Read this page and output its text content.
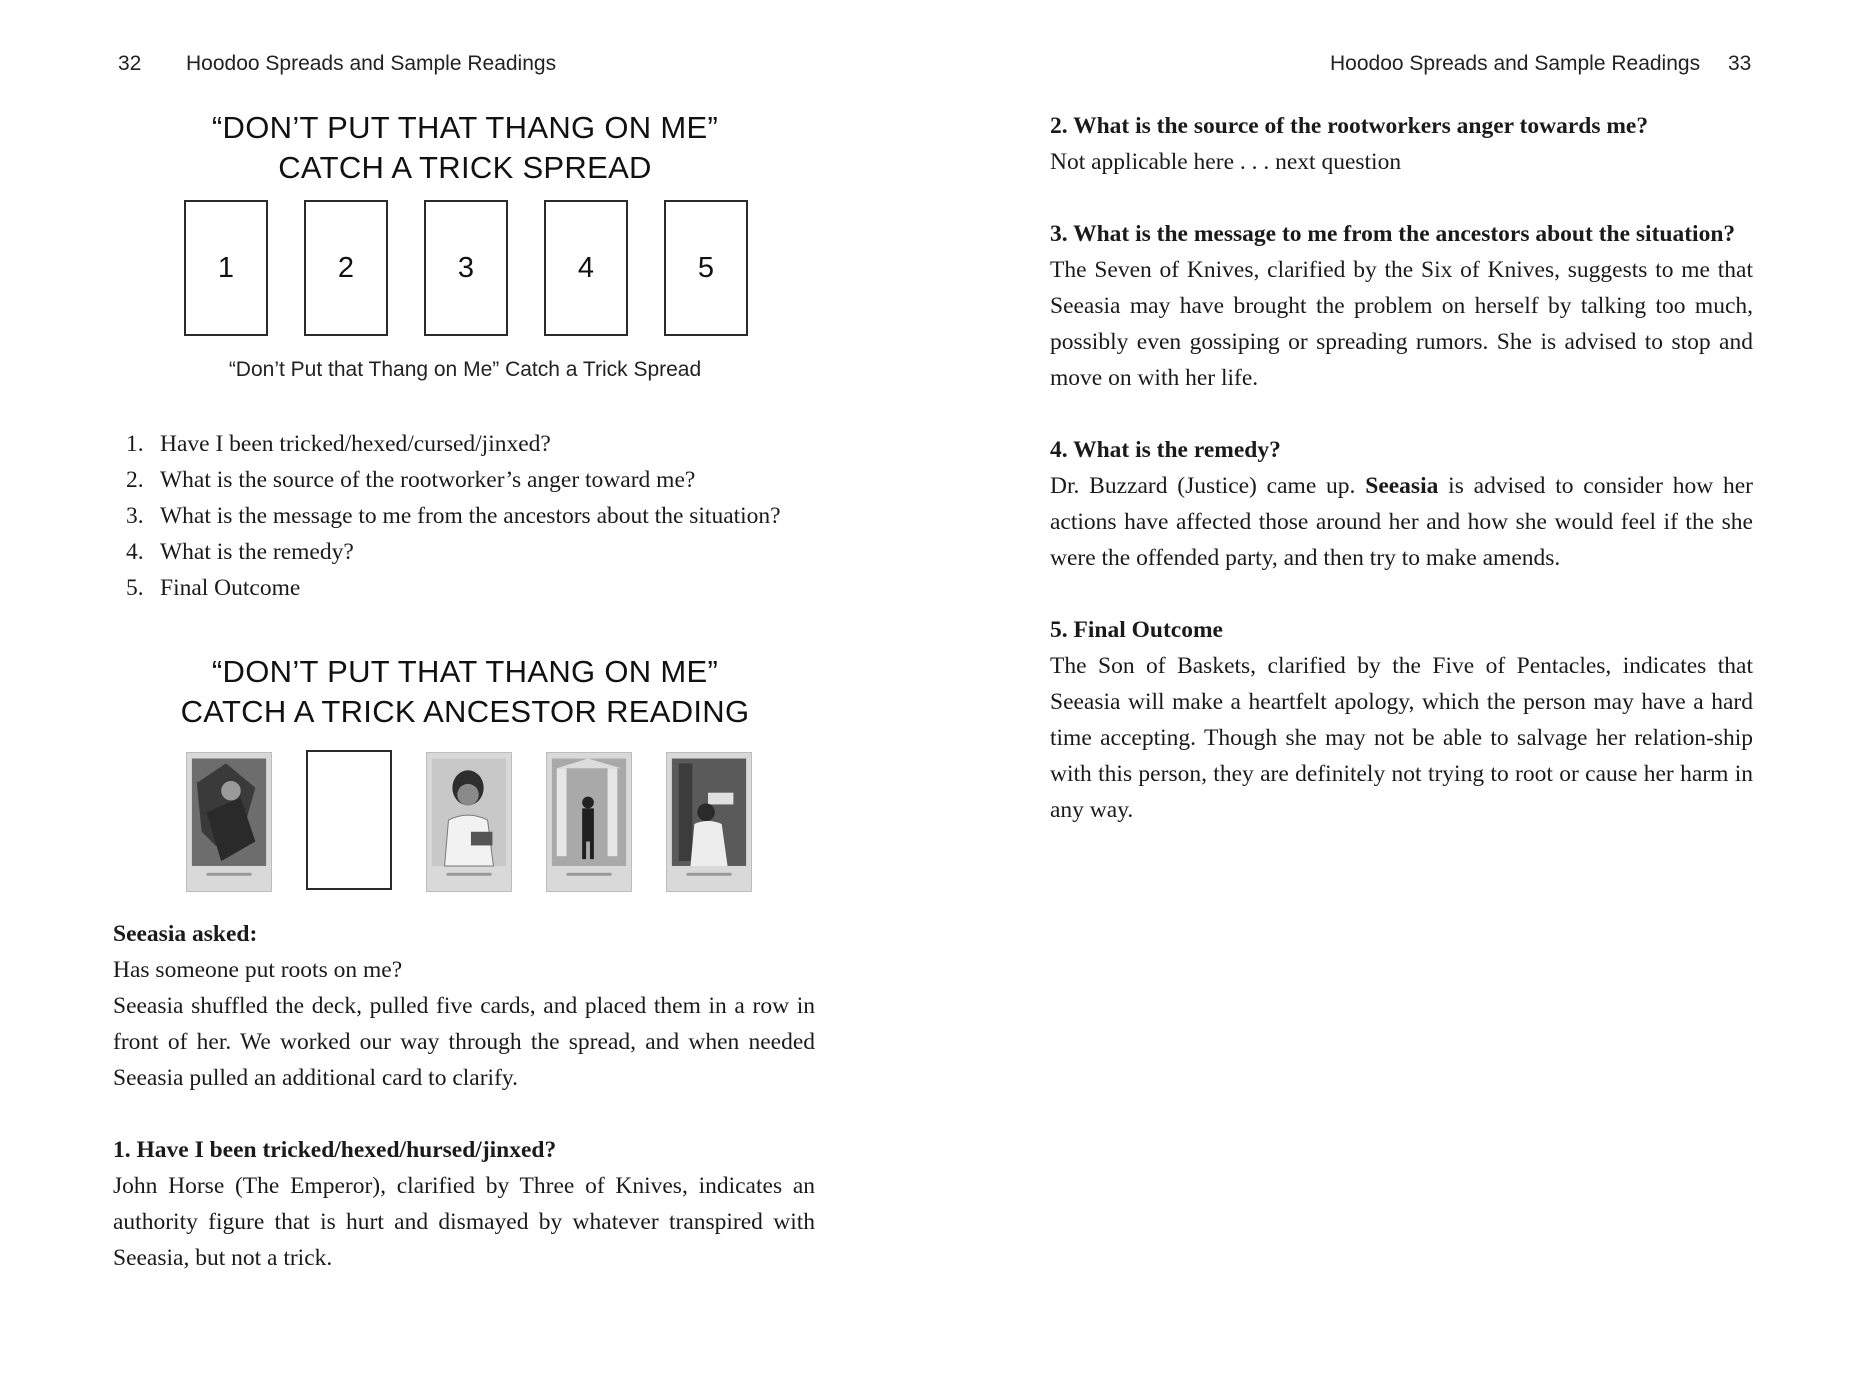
32 Hoodoo Spreads and Sample Readings
“DON’T PUT THAT THANG ON ME”
CATCH A TRICK SPREAD
1	2	3	4	5
“Don’t Put that Thang on Me” Catch a Trick Spread
1. Have I been tricked/hexed/cursed/jinxed?
2. What is the source of the rootworker’s anger toward me?
3. What is the message to me from the ancestors about the situation?
4. What is the remedy?
5. Final Outcome
“DON’T PUT THAT THANG ON ME”
CATCH A TRICK ANCESTOR READING

Seeasia asked:

Has someone put roots on me?

Seeasia shuffled the deck, pulled five cards, and placed them in a row in front of her. We worked our way through the spread, and when needed Seeasia pulled an additional card to clarify.

1. Have I been tricked/hexed/hursed/jinxed?

John Horse (The Emperor), clarified by Three of Knives, indicates an authority figure that is hurt and dismayed by whatever transpired with Seeasia, but not a trick.

Hoodoo Spreads and Sample Readings 33

2. What is the source of the rootworkers anger towards me?

Not applicable here . . . next question

3. What is the message to me from the ancestors about the situation?

The Seven of Knives, clarified by the Six of Knives, suggests to me that Seeasia may have brought the problem on herself by talking too much, possibly even gossiping or spreading rumors. She is advised to stop and move on with her life.

4. What is the remedy?

Dr. Buzzard (Justice) came up. Seeasia is advised to consider how her actions have affected those around her and how she would feel if the she were the offended party, and then try to make amends.

5. Final Outcome

The Son of Baskets, clarified by the Five of Pentacles, indicates that Seeasia will make a heartfelt apology, which the person may have a hard time accepting. Though she may not be able to salvage her relation-ship with this person, they are definitely not trying to root or cause her harm in any way.
